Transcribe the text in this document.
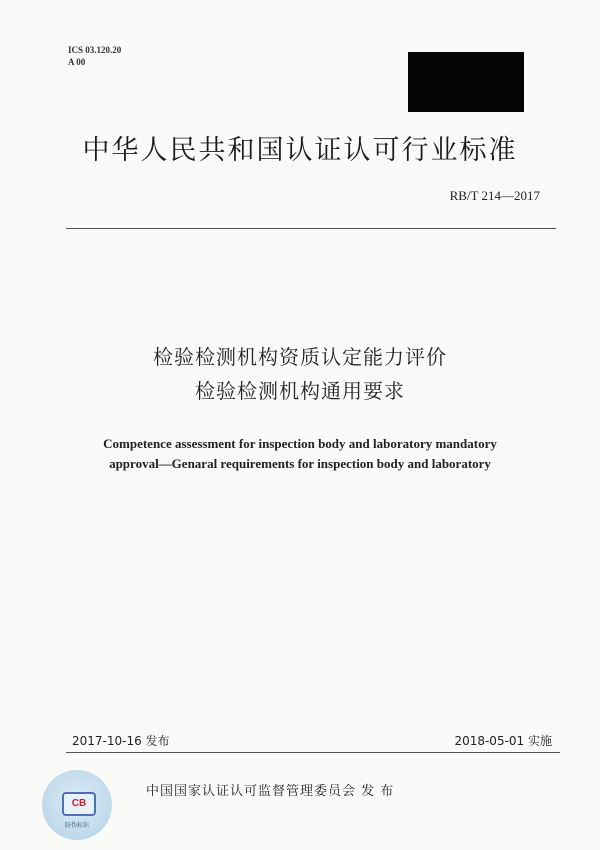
ICS 03.120.20
A 00
中华人民共和国认证认可行业标准
RB/T 214—2017
检验检测机构资质认定能力评价
检验检测机构通用要求
Competence assessment for inspection body and laboratory mandatory
approval—Genaral requirements for inspection body and laboratory
2017-10-16 发布	2018-05-01 实施
CB
防伪标识
中国国家认证认可监督管理委员会 发 布
